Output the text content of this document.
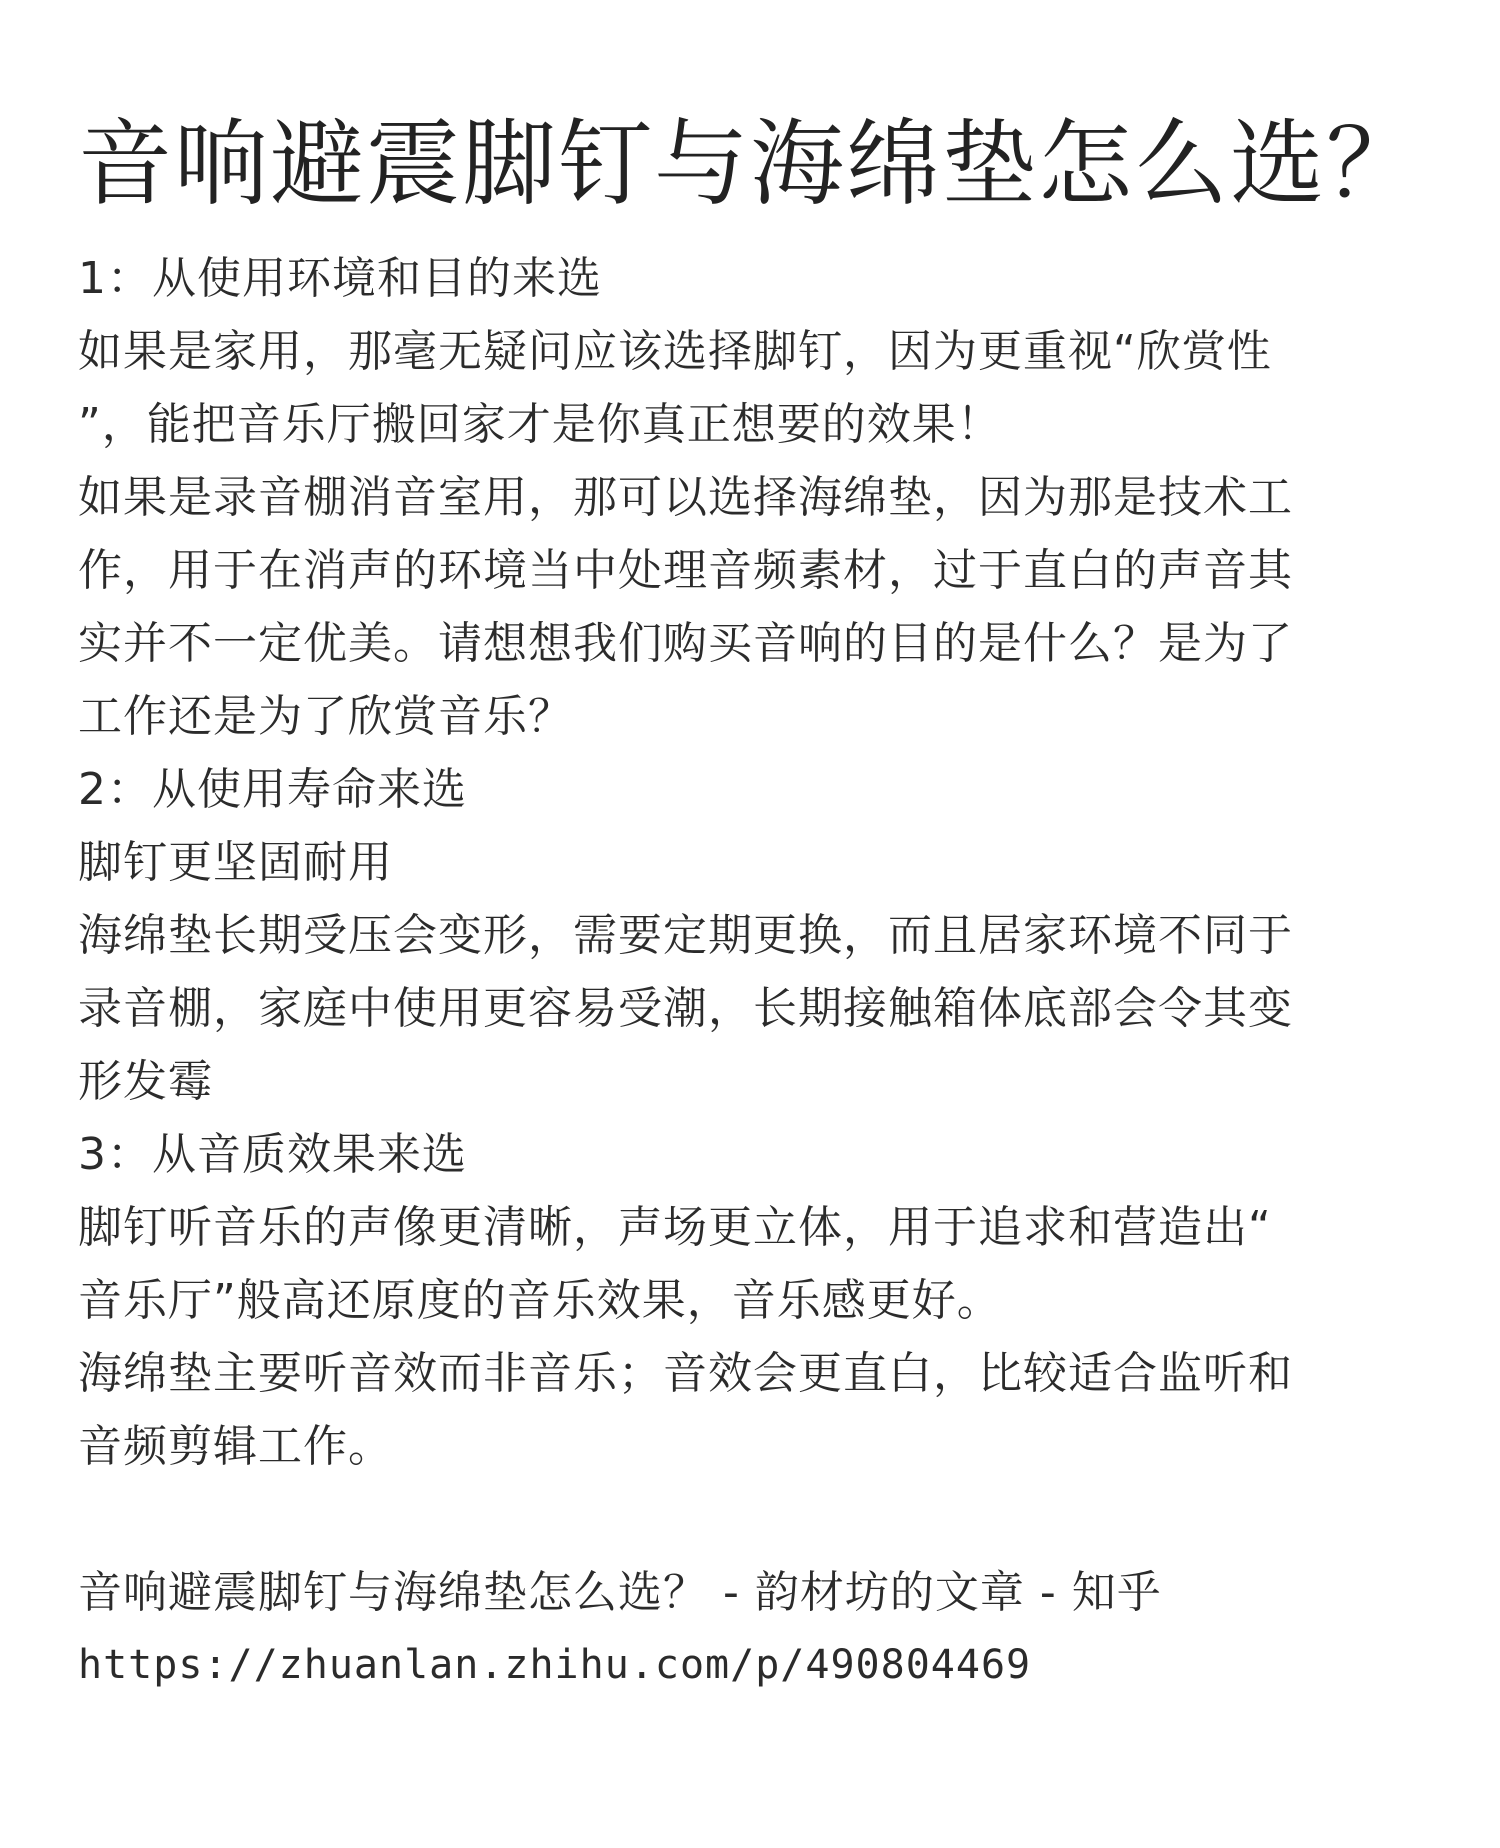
音响避震脚钉与海绵垫怎么选？
1：从使用环境和目的来选
如果是家用，那毫无疑问应该选择脚钉，因为更重视“欣赏性
”，能把音乐厅搬回家才是你真正想要的效果！
如果是录音棚消音室用，那可以选择海绵垫，因为那是技术工
作，用于在消声的环境当中处理音频素材，过于直白的声音其
实并不一定优美。请想想我们购买音响的目的是什么？是为了
工作还是为了欣赏音乐？
2：从使用寿命来选
脚钉更坚固耐用
海绵垫长期受压会变形，需要定期更换，而且居家环境不同于
录音棚，家庭中使用更容易受潮，长期接触箱体底部会令其变
形发霉
3：从音质效果来选
脚钉听音乐的声像更清晰，声场更立体，用于追求和营造出“
音乐厅”般高还原度的音乐效果，音乐感更好。
海绵垫主要听音效而非音乐；音效会更直白，比较适合监听和
音频剪辑工作。
音响避震脚钉与海绵垫怎么选？ - 韵材坊的文章 - 知乎
https://zhuanlan.zhihu.com/p/490804469
